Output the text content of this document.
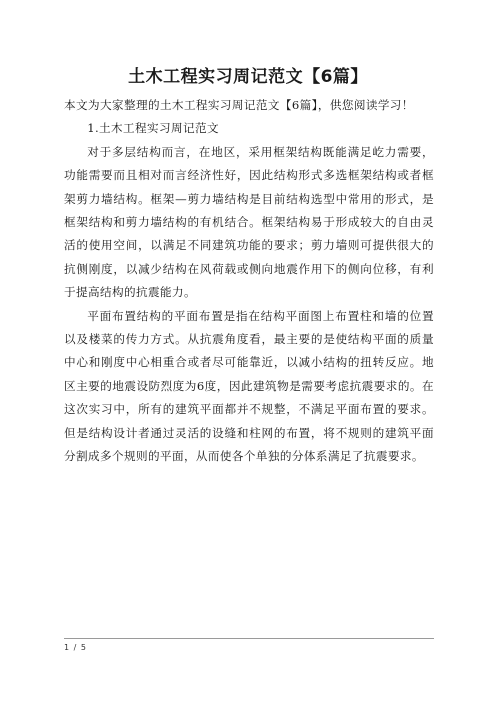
土木工程实习周记范文【6篇】

本文为大家整理的土木工程实习周记范文【6篇】，供您阅读学习！

1.土木工程实习周记范文

对于多层结构而言，在地区，采用框架结构既能满足屹力需要，功能需要而且相对而言经济性好，因此结构形式多选框架结构或者框架剪力墙结构。框架—剪力墙结构是目前结构选型中常用的形式，是框架结构和剪力墙结构的有机结合。框架结构易于形成较大的自由灵活的使用空间，以满足不同建筑功能的要求；剪力墙则可提供很大的抗侧刚度，以减少结构在风荷载或侧向地震作用下的侧向位移，有利于提高结构的抗震能力。

平面布置结构的平面布置是指在结构平面图上布置柱和墙的位置以及楼菜的传力方式。从抗震角度看，最主要的是使结构平面的质量中心和刚度中心相重合或者尽可能靠近，以减小结构的扭转反应。地区主要的地震设防烈度为6度，因此建筑物是需要考虑抗震要求的。在这次实习中，所有的建筑平面都并不规整，不满足平面布置的要求。但是结构设计者通过灵活的设缝和柱网的布置，将不规则的建筑平面分割成多个规则的平面，从而使各个单独的分体系满足了抗震要求。

1 / 5
